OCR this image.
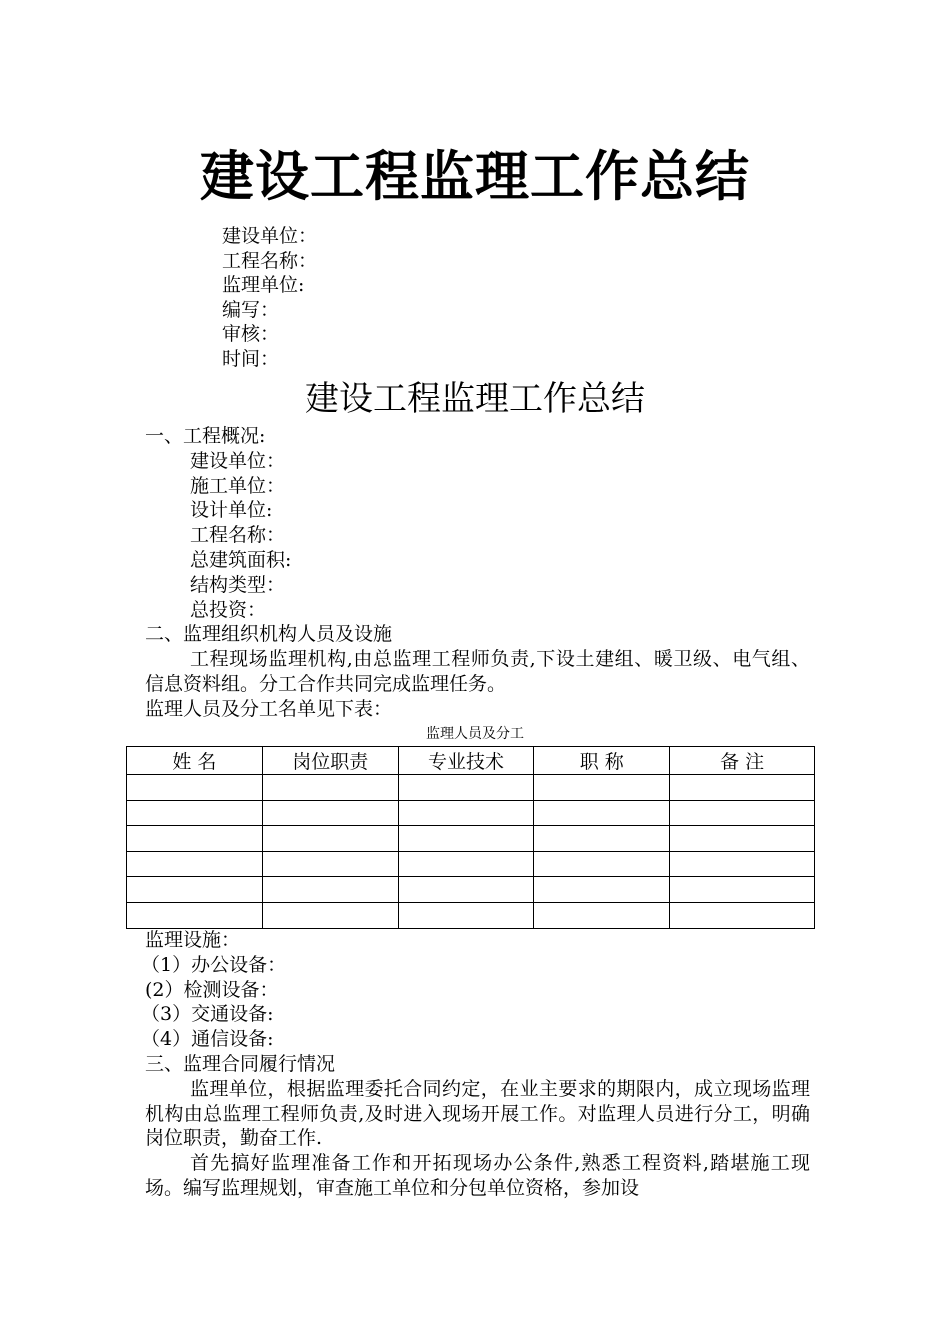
建设工程监理工作总结
建设单位：
工程名称：
监理单位:
编写：
审核：
时间：
建设工程监理工作总结
一、工程概况:
建设单位：
施工单位：
设计单位:
工程名称：
总建筑面积:
结构类型：
总投资：
二、监理组织机构人员及设施
工程现场监理机构,由总监理工程师负责,下设土建组、暖卫级、电气组、信息资料组。分工合作共同完成监理任务。
监理人员及分工名单见下表：
监理人员及分工
姓 名	岗位职责	专业技术	职 称	备 注

监理设施：
（1）办公设备：
(2）检测设备：
（3）交通设备:
（4）通信设备:
三、监理合同履行情况
监理单位，根据监理委托合同约定，在业主要求的期限内，成立现场监理机构由总监理工程师负责,及时进入现场开展工作。对监理人员进行分工，明确岗位职责，勤奋工作.
首先搞好监理准备工作和开拓现场办公条件,熟悉工程资料,踏堪施工现场。编写监理规划，审查施工单位和分包单位资格，参加设
